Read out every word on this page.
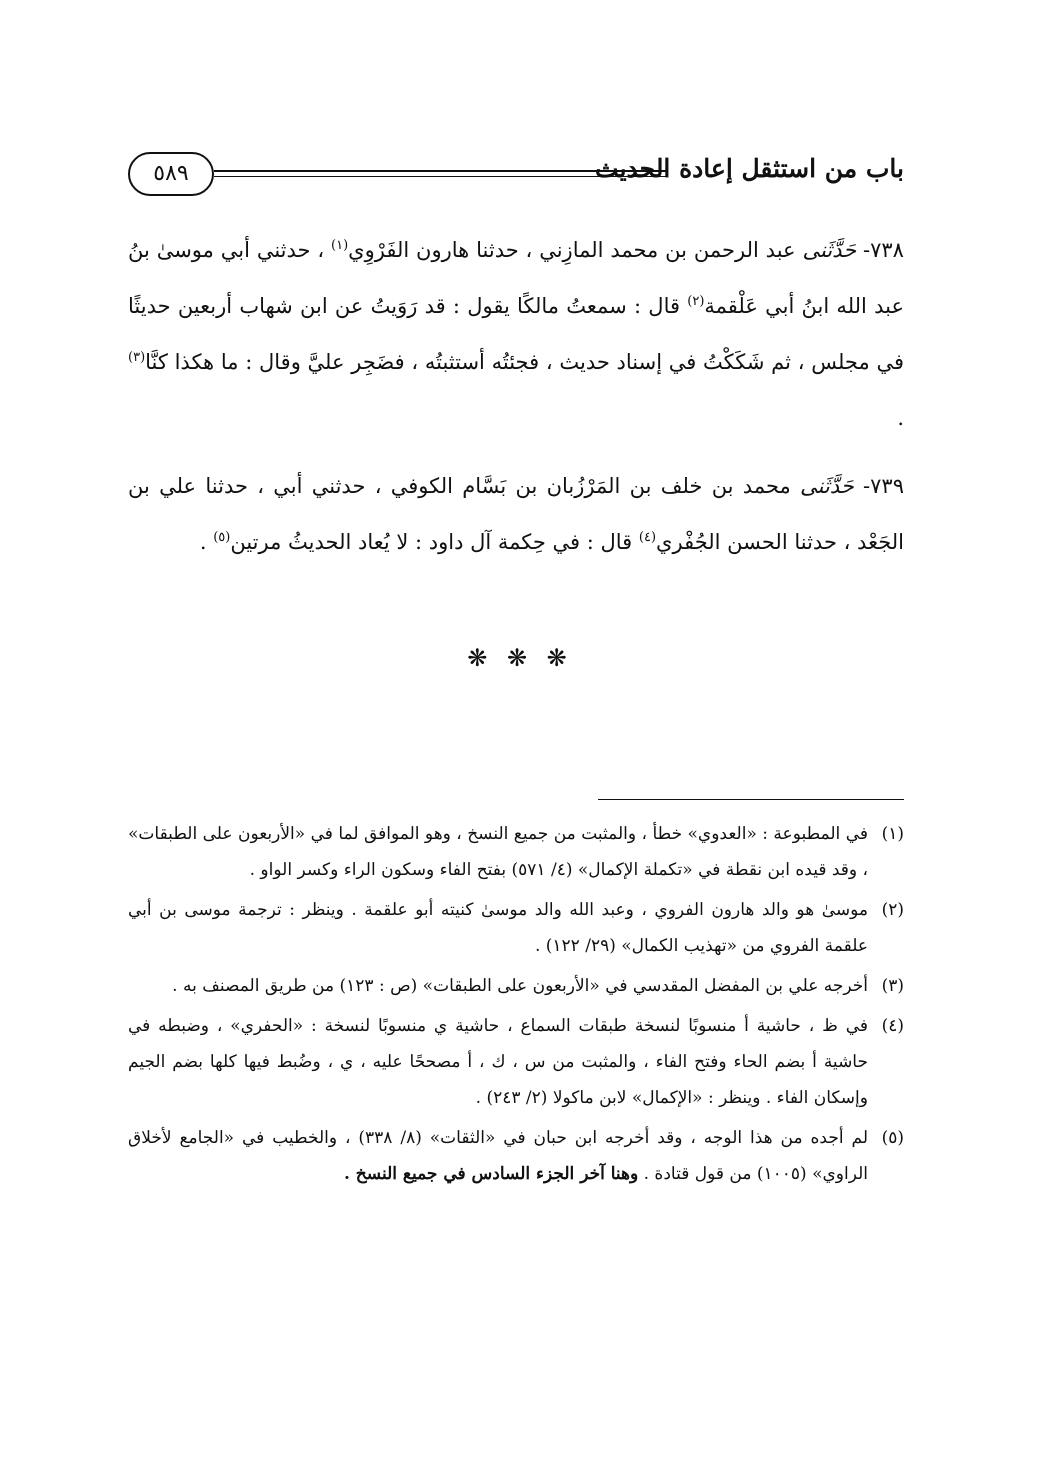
٥٨٩	باب من استثقل إعادة الحديث

٧٣٨- حَدَّثَنى عبد الرحمن بن محمد المازِني ، حدثنا هارون الفَرْوِي$^{(١)}$ ، حدثني أبي موسىٰ بنُ عبد الله ابنُ أبي عَلْقمة$^{(٢)}$ قال : سمعتُ مالكًا يقول : قد رَوَيتُ عن ابن شهاب أربعين حديثًا في مجلس ، ثم شَكَكْتُ في إسناد حديث ، فجئتُه أستثبتُه ، فضَجِر عليَّ وقال : ما هكذا كنَّا$^{(٣)}$ .

٧٣٩- حَدَّثَنى محمد بن خلف بن المَرْزُبان بن بَسَّام الكوفي ، حدثني أبي ، حدثنا علي بن الجَعْد ، حدثنا الحسن الجُفْري$^{(٤)}$ قال : في حِكمة آل داود : لا يُعاد الحديثُ مرتين$^{(٥)}$ .

❋ ❋ ❋

(١)
في المطبوعة : «العدوي» خطأ ، والمثبت من جميع النسخ ، وهو الموافق لما في «الأربعون على الطبقات» ، وقد قيده ابن نقطة في «تكملة الإكمال» (٤/ ٥٧١) بفتح الفاء وسكون الراء وكسر الواو .

(٢)
موسىٰ هو والد هارون الفروي ، وعبد الله والد موسىٰ كنيته أبو علقمة . وينظر : ترجمة موسى بن أبي علقمة الفروي من «تهذيب الكمال» (٢٩/ ١٢٢) .

(٣)
أخرجه علي بن المفضل المقدسي في «الأربعون على الطبقات» (ص : ١٢٣) من طريق المصنف به .

(٤)
في ظ ، حاشية أ منسوبًا لنسخة طبقات السماع ، حاشية ي منسوبًا لنسخة : «الحفري» ، وضبطه في حاشية أ بضم الحاء وفتح الفاء ، والمثبت من س ، ك ، أ مصححًا عليه ، ي ، وضُبط فيها كلها بضم الجيم وإسكان الفاء . وينظر : «الإكمال» لابن ماكولا (٢/ ٢٤٣) .

(٥)
لم أجده من هذا الوجه ، وقد أخرجه ابن حبان في «الثقات» (٨/ ٣٣٨) ، والخطيب في «الجامع لأخلاق الراوي» (١٠٠٥) من قول قتادة . وهنا آخر الجزء السادس في جميع النسخ .
